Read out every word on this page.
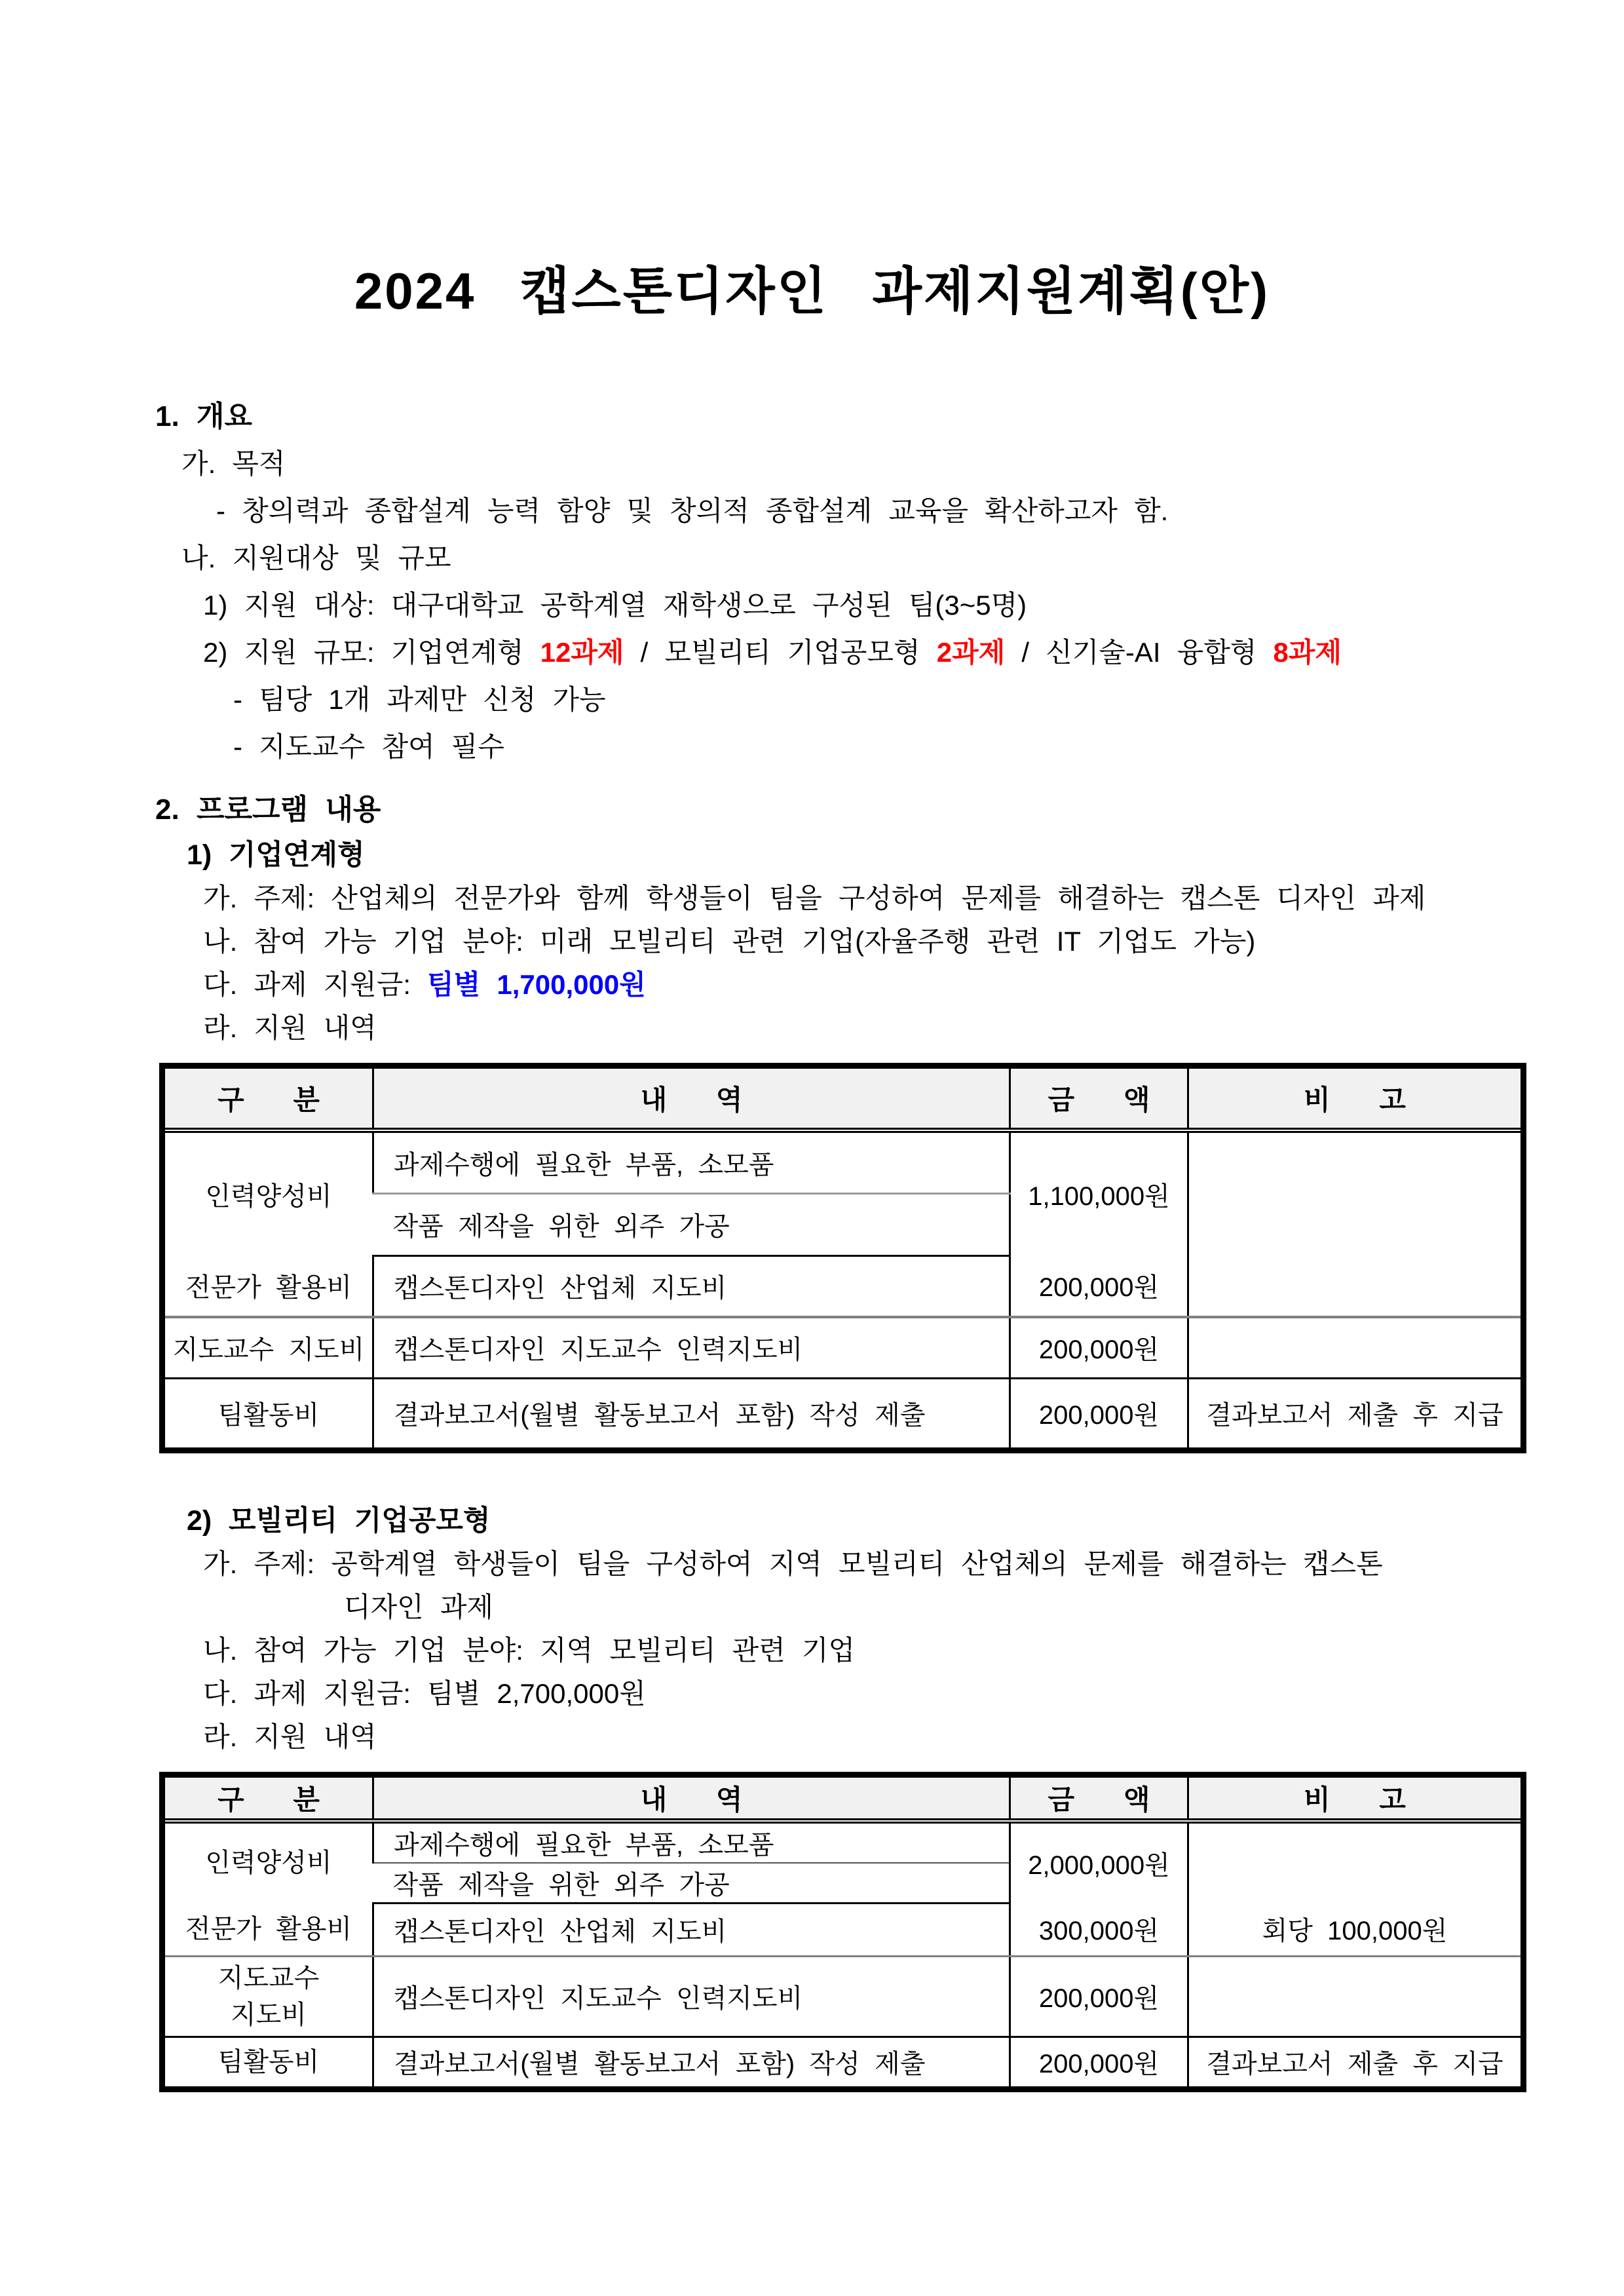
2024 캡스톤디자인 과제지원계획(안)

1. 개요

가. 목적

- 창의력과 종합설계 능력 함양 및 창의적 종합설계 교육을 확산하고자 함.

나. 지원대상 및 규모

1) 지원 대상: 대구대학교 공학계열 재학생으로 구성된 팀(3~5명)

2) 지원 규모: 기업연계형 12과제 / 모빌리티 기업공모형 2과제 / 신기술-AI 융합형 8과제

- 팀당 1개 과제만 신청 가능

- 지도교수 참여 필수

2. 프로그램 내용

1) 기업연계형

가. 주제: 산업체의 전문가와 함께 학생들이 팀을 구성하여 문제를 해결하는 캡스톤 디자인 과제

나. 참여 가능 기업 분야: 미래 모빌리티 관련 기업(자율주행 관련 IT 기업도 가능)

다. 과제 지원금: 팀별 1,700,000원

라. 지원 내역

구 분	내 역	금 액	비 고
인력양성비	과제수행에 필요한 부품, 소모품	1,100,000원	
	작품 제작을 위한 외주 가공		
전문가 활용비	캡스톤디자인 산업체 지도비	200,000원	
지도교수 지도비	캡스톤디자인 지도교수 인력지도비	200,000원	
팀활동비	결과보고서(월별 활동보고서 포함) 작성 제출	200,000원	결과보고서 제출 후 지급

2) 모빌리티 기업공모형

가. 주제: 공학계열 학생들이 팀을 구성하여 지역 모빌리티 산업체의 문제를 해결하는 캡스톤

디자인 과제

나. 참여 가능 기업 분야: 지역 모빌리티 관련 기업

다. 과제 지원금: 팀별 2,700,000원

라. 지원 내역

구 분	내 역	금 액	비 고
인력양성비	과제수행에 필요한 부품, 소모품	2,000,000원	
	작품 제작을 위한 외주 가공		
전문가 활용비	캡스톤디자인 산업체 지도비	300,000원	회당 100,000원
지도교수
지도비	캡스톤디자인 지도교수 인력지도비	200,000원	
팀활동비	결과보고서(월별 활동보고서 포함) 작성 제출	200,000원	결과보고서 제출 후 지급
